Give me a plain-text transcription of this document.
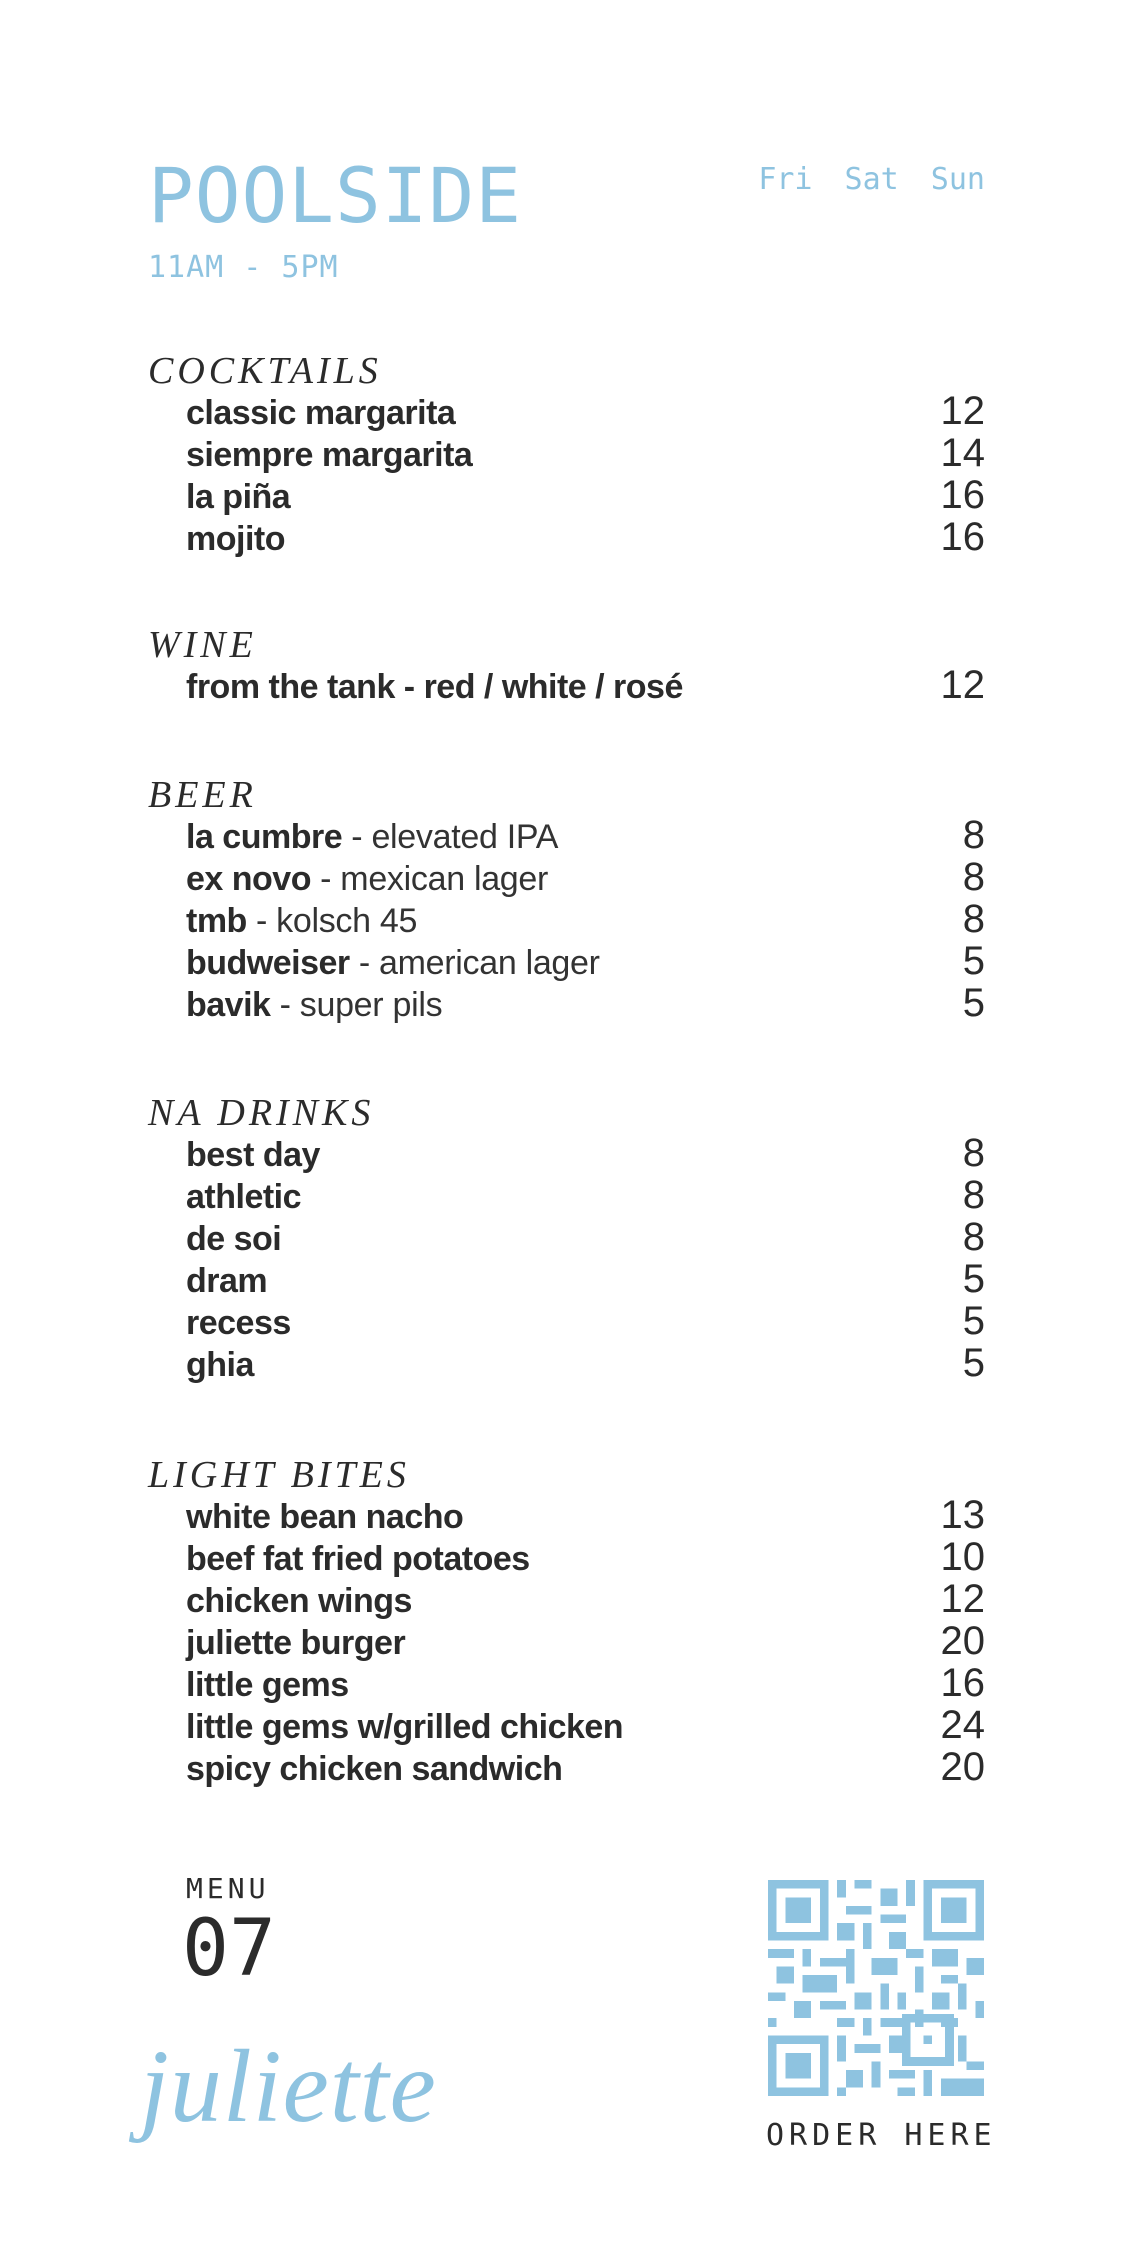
POOLSIDE
11AM - 5PM
Fri Sat Sun
COCKTAILS
classic margarita	12
siempre margarita	14
la piña	16
mojito	16
WINE
from the tank - red / white / rosé	12
BEER
la cumbre - elevated IPA	8
ex novo - mexican lager	8
tmb - kolsch 45	8
budweiser - american lager	5
bavik - super pils	5
NA DRINKS
best day	8
athletic	8
de soi	8
dram	5
recess	5
ghia	5
LIGHT BITES
white bean nacho	13
beef fat fried potatoes	10
chicken wings	12
juliette burger	20
little gems	16
little gems w/grilled chicken	24
spicy chicken sandwich	20
MENU
07
juliette	ORDER HERE
